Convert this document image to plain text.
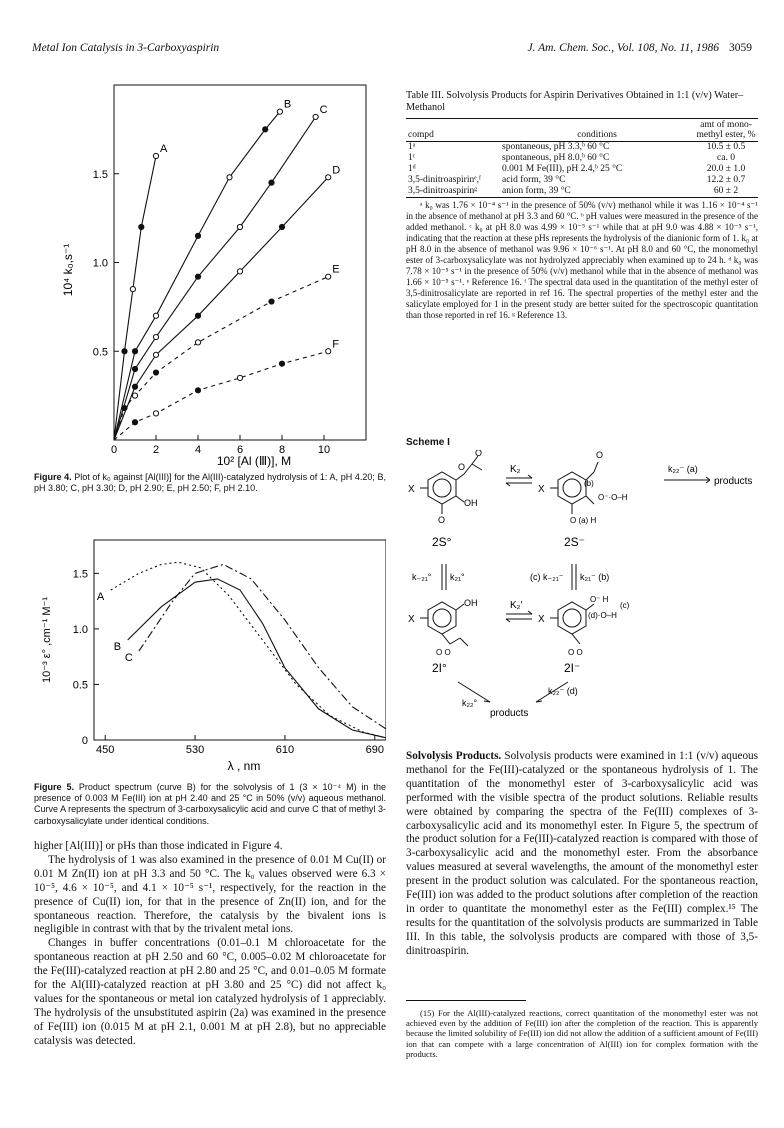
Metal Ion Catalysis in 3-Carboxyaspirin	J. Am. Chem. Soc., Vol. 108, No. 11, 1986 3059
0	2	4	6	8	10
0.5
1.0
1.5
A
B	C
D
E
F
10⁴ k₀,s⁻¹
10² [Al (Ⅲ)], M
Figure 4. Plot of k₀ against [Al(III)] for the Al(III)-catalyzed hydrolysis of 1: A, pH 4.20; B, pH 3.80; C, pH 3.30; D, pH 2.90; E, pH 2.50; F, pH 2.10.
450	530	610	690
0
0.5
1.0
1.5
A
B
C
10⁻³ ε° ,cm⁻¹ M⁻¹
λ , nm
Figure 5. Product spectrum (curve B) for the solvolysis of 1 (3 × 10⁻⁴ M) in the presence of 0.003 M Fe(III) ion at pH 2.40 and 25 °C in 50% (v/v) aqueous methanol. Curve A represents the spectrum of 3-carboxysalicylic acid and curve C that of methyl 3-carboxysalicylate under identical conditions.

higher [Al(III)] or pHs than those indicated in Figure 4.

The hydrolysis of 1 was also examined in the presence of 0.01 M Cu(II) or 0.01 M Zn(II) ion at pH 3.3 and 50 °C. The k₀ values observed were 6.3 × 10⁻⁵, 4.6 × 10⁻⁵, and 4.1 × 10⁻⁵ s⁻¹, respectively, for the reaction in the presence of Cu(II) ion, for that in the presence of Zn(II) ion, and for the spontaneous reaction. Therefore, the catalysis by the bivalent ions is negligible in contrast with that by the trivalent metal ions.

Changes in buffer concentrations (0.01–0.1 M chloroacetate for the spontaneous reaction at pH 2.50 and 60 °C, 0.005–0.02 M chloroacetate for the Fe(III)-catalyzed reaction at pH 2.80 and 25 °C, and 0.01–0.05 M formate for the Al(III)-catalyzed reaction at pH 3.80 and 25 °C) did not affect k₀ values for the spontaneous or metal ion catalyzed hydrolysis of 1 appreciably. The hydrolysis of the unsubstituted aspirin (2a) was examined in the presence of Fe(III) ion (0.015 M at pH 2.1, 0.001 M at pH 2.8), but no appreciable catalysis was detected.

Table III. Solvolysis Products for Aspirin Derivatives Obtained in 1:1 (v/v) Water–Methanol
compd	conditions	amt of mono-methyl ester, %
1ᵃ	spontaneous, pH 3.3,ᵇ 60 °C	10.5 ± 0.5
1ᶜ	spontaneous, pH 8.0,ᵇ 60 °C	ca. 0
1ᵈ	0.001 M Fe(III), pH 2.4,ᵇ 25 °C	20.0 ± 1.0
3,5-dinitroaspirinᵉ,ᶠ	acid form, 39 °C	12.2 ± 0.7
3,5-dinitroaspirinᵍ	anion form, 39 °C	60 ± 2
ᵃ k₀ was 1.76 × 10⁻⁴ s⁻¹ in the presence of 50% (v/v) methanol while it was 1.16 × 10⁻⁴ s⁻¹ in the absence of methanol at pH 3.3 and 60 °C. ᵇ pH values were measured in the presence of the added methanol. ᶜ k₀ at pH 8.0 was 4.99 × 10⁻⁵ s⁻¹ while that at pH 9.0 was 4.88 × 10⁻⁵ s⁻¹, indicating that the reaction at these pHs represents the hydrolysis of the dianionic form of 1. k₀ at pH 8.0 in the absence of methanol was 9.96 × 10⁻⁶ s⁻¹. At pH 8.0 and 60 °C, the monomethyl ester of 3-carboxysalicylate was not hydrolyzed appreciably when examined up to 24 h. ᵈ k₀ was 7.78 × 10⁻⁵ s⁻¹ in the presence of 50% (v/v) methanol while that in the absence of methanol was 1.66 × 10⁻⁵ s⁻¹. ᵉ Reference 16. ᶠ The spectral data used in the quantitation of the methyl ester of 3,5-dinitrosalicylate are reported in ref 16. The spectral properties of the methyl ester and the salicylate employed for 1 in the present study are better suited for the spectroscopic quantitation than those reported in ref 16. ᵍ Reference 13.
Scheme I
X
O
O
OH
O
K₂
X
(b)
O
O⁻·O–H
O (a) H
k₂₂⁻ (a)
products
2S°	2S⁻
k₋₂₁° k₂₁°	(c) k₋₂₁⁻ k₂₁⁻ (b)
X
OH
O O
K₂′
X
O⁻ H
(d)·O–H
(c)
O O
2I°	2I⁻
k₂₂°
k₂₂⁻ (d)
products

Solvolysis Products. Solvolysis products were examined in 1:1 (v/v) aqueous methanol for the Fe(III)-catalyzed or the spontaneous hydrolysis of 1. The quantitation of the monomethyl ester of 3-carboxysalicylic acid was performed with the visible spectra of the product solutions. Reliable results were obtained by comparing the spectra of the Fe(III) complexes of 3-carboxysalicylic acid and its monomethyl ester. In Figure 5, the spectrum of the product solution for a Fe(III)-catalyzed reaction is compared with those of 3-carboxysalicylic acid and the monomethyl ester. From the absorbance values measured at several wavelengths, the amount of the monomethyl ester present in the product solution was calculated. For the spontaneous reaction, Fe(III) ion was added to the product solutions after completion of the reaction in order to quantitate the monomethyl ester as the Fe(III) complex.¹⁵ The results for the quantitation of the solvolysis products are summarized in Table III. In this table, the solvolysis products are compared with those of 3,5-dinitroaspirin.

(15) For the Al(III)-catalyzed reactions, correct quantitation of the monomethyl ester was not achieved even by the addition of Fe(III) ion after the completion of the reaction. This is apparently because the limited solubility of Fe(III) ion did not allow the addition of a sufficient amount of Fe(III) ion that can compete with a large concentration of Al(III) ion for complex formation with the products.
